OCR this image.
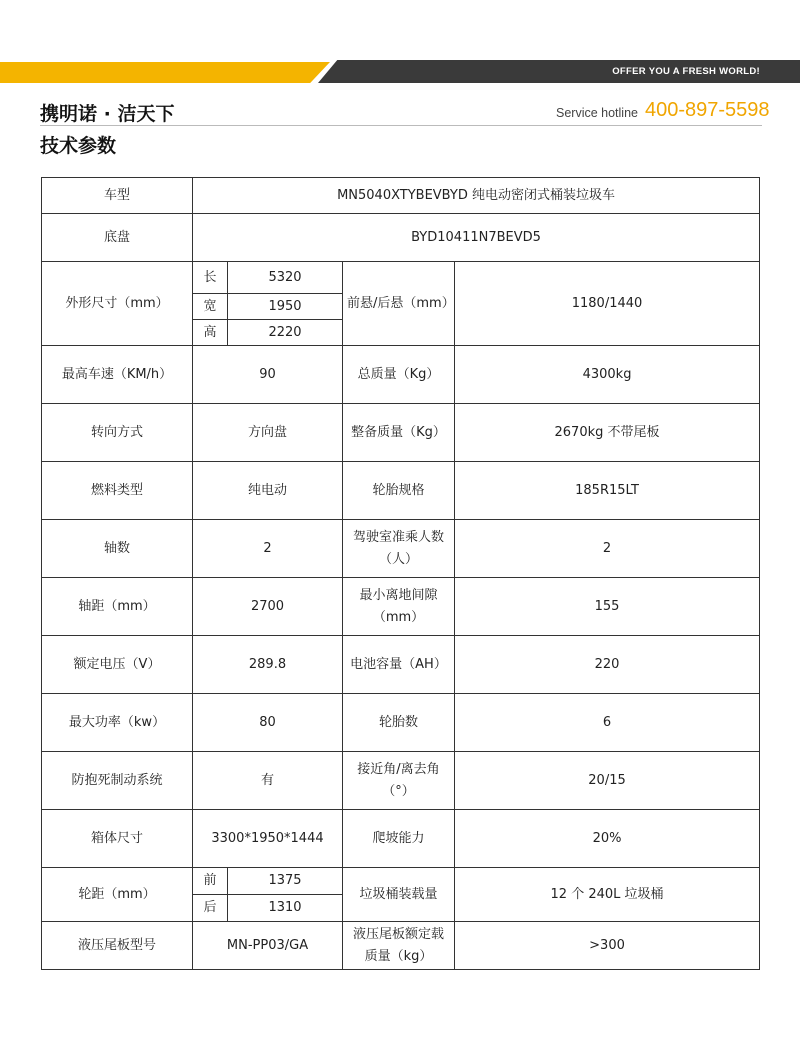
OFFER YOU A FRESH WORLD!
携明诺 · 洁天下	Service hotline 400-897-5598
技术参数
车型	MN5040XTYBEVBYD 纯电动密闭式桶装垃圾车			
底盘	BYD10411N7BEVD5			
外形尺寸（mm）	长	5320	前悬/后悬（mm）	1180/1440
	宽	1950		
	高	2220		
最高车速（KM/h）	90		总质量（Kg）	4300kg
转向方式	方向盘		整备质量（Kg）	2670kg 不带尾板
燃料类型	纯电动		轮胎规格	185R15LT
轴数	2		驾驶室准乘人数（人）	2
轴距（mm）	2700		最小离地间隙（mm）	155
额定电压（V）	289.8		电池容量（AH）	220
最大功率（kw）	80		轮胎数	6
防抱死制动系统	有		接近角/离去角（°）	20/15
箱体尺寸	3300*1950*1444		爬坡能力	20%
轮距（mm）	前	1375	垃圾桶装载量	12 个 240L 垃圾桶
	后	1310		
液压尾板型号	MN-PP03/GA		液压尾板额定载质量（kg）	>300
